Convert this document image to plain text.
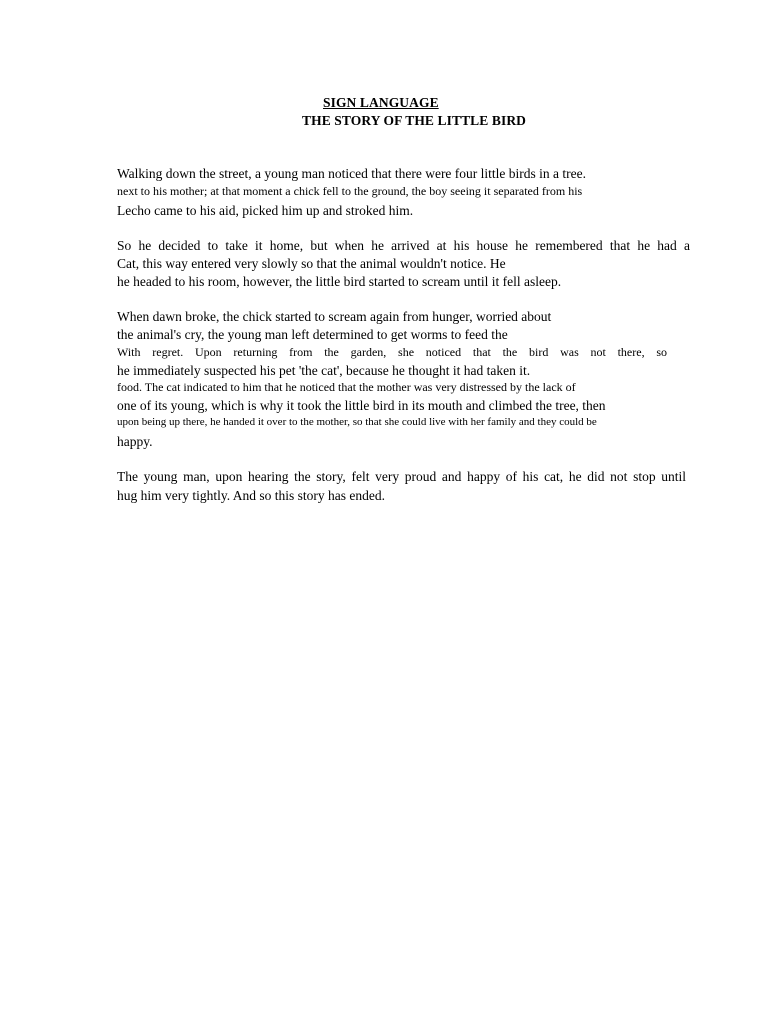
SIGN LANGUAGE
THE STORY OF THE LITTLE BIRD
Walking down the street, a young man noticed that there were four little birds in a tree.
next to his mother; at that moment a chick fell to the ground, the boy seeing it separated from his
Lecho came to his aid, picked him up and stroked him.
So he decided to take it home, but when he arrived at his house he remembered that he had a
Cat, this way entered very slowly so that the animal wouldn't notice. He
he headed to his room, however, the little bird started to scream until it fell asleep.
When dawn broke, the chick started to scream again from hunger, worried about
the animal's cry, the young man left determined to get worms to feed the
With regret. Upon returning from the garden, she noticed that the bird was not there, so
he immediately suspected his pet 'the cat', because he thought it had taken it.
food. The cat indicated to him that he noticed that the mother was very distressed by the lack of
one of its young, which is why it took the little bird in its mouth and climbed the tree, then
upon being up there, he handed it over to the mother, so that she could live with her family and they could be
happy.
The young man, upon hearing the story, felt very proud and happy of his cat, he did not stop until
hug him very tightly. And so this story has ended.
